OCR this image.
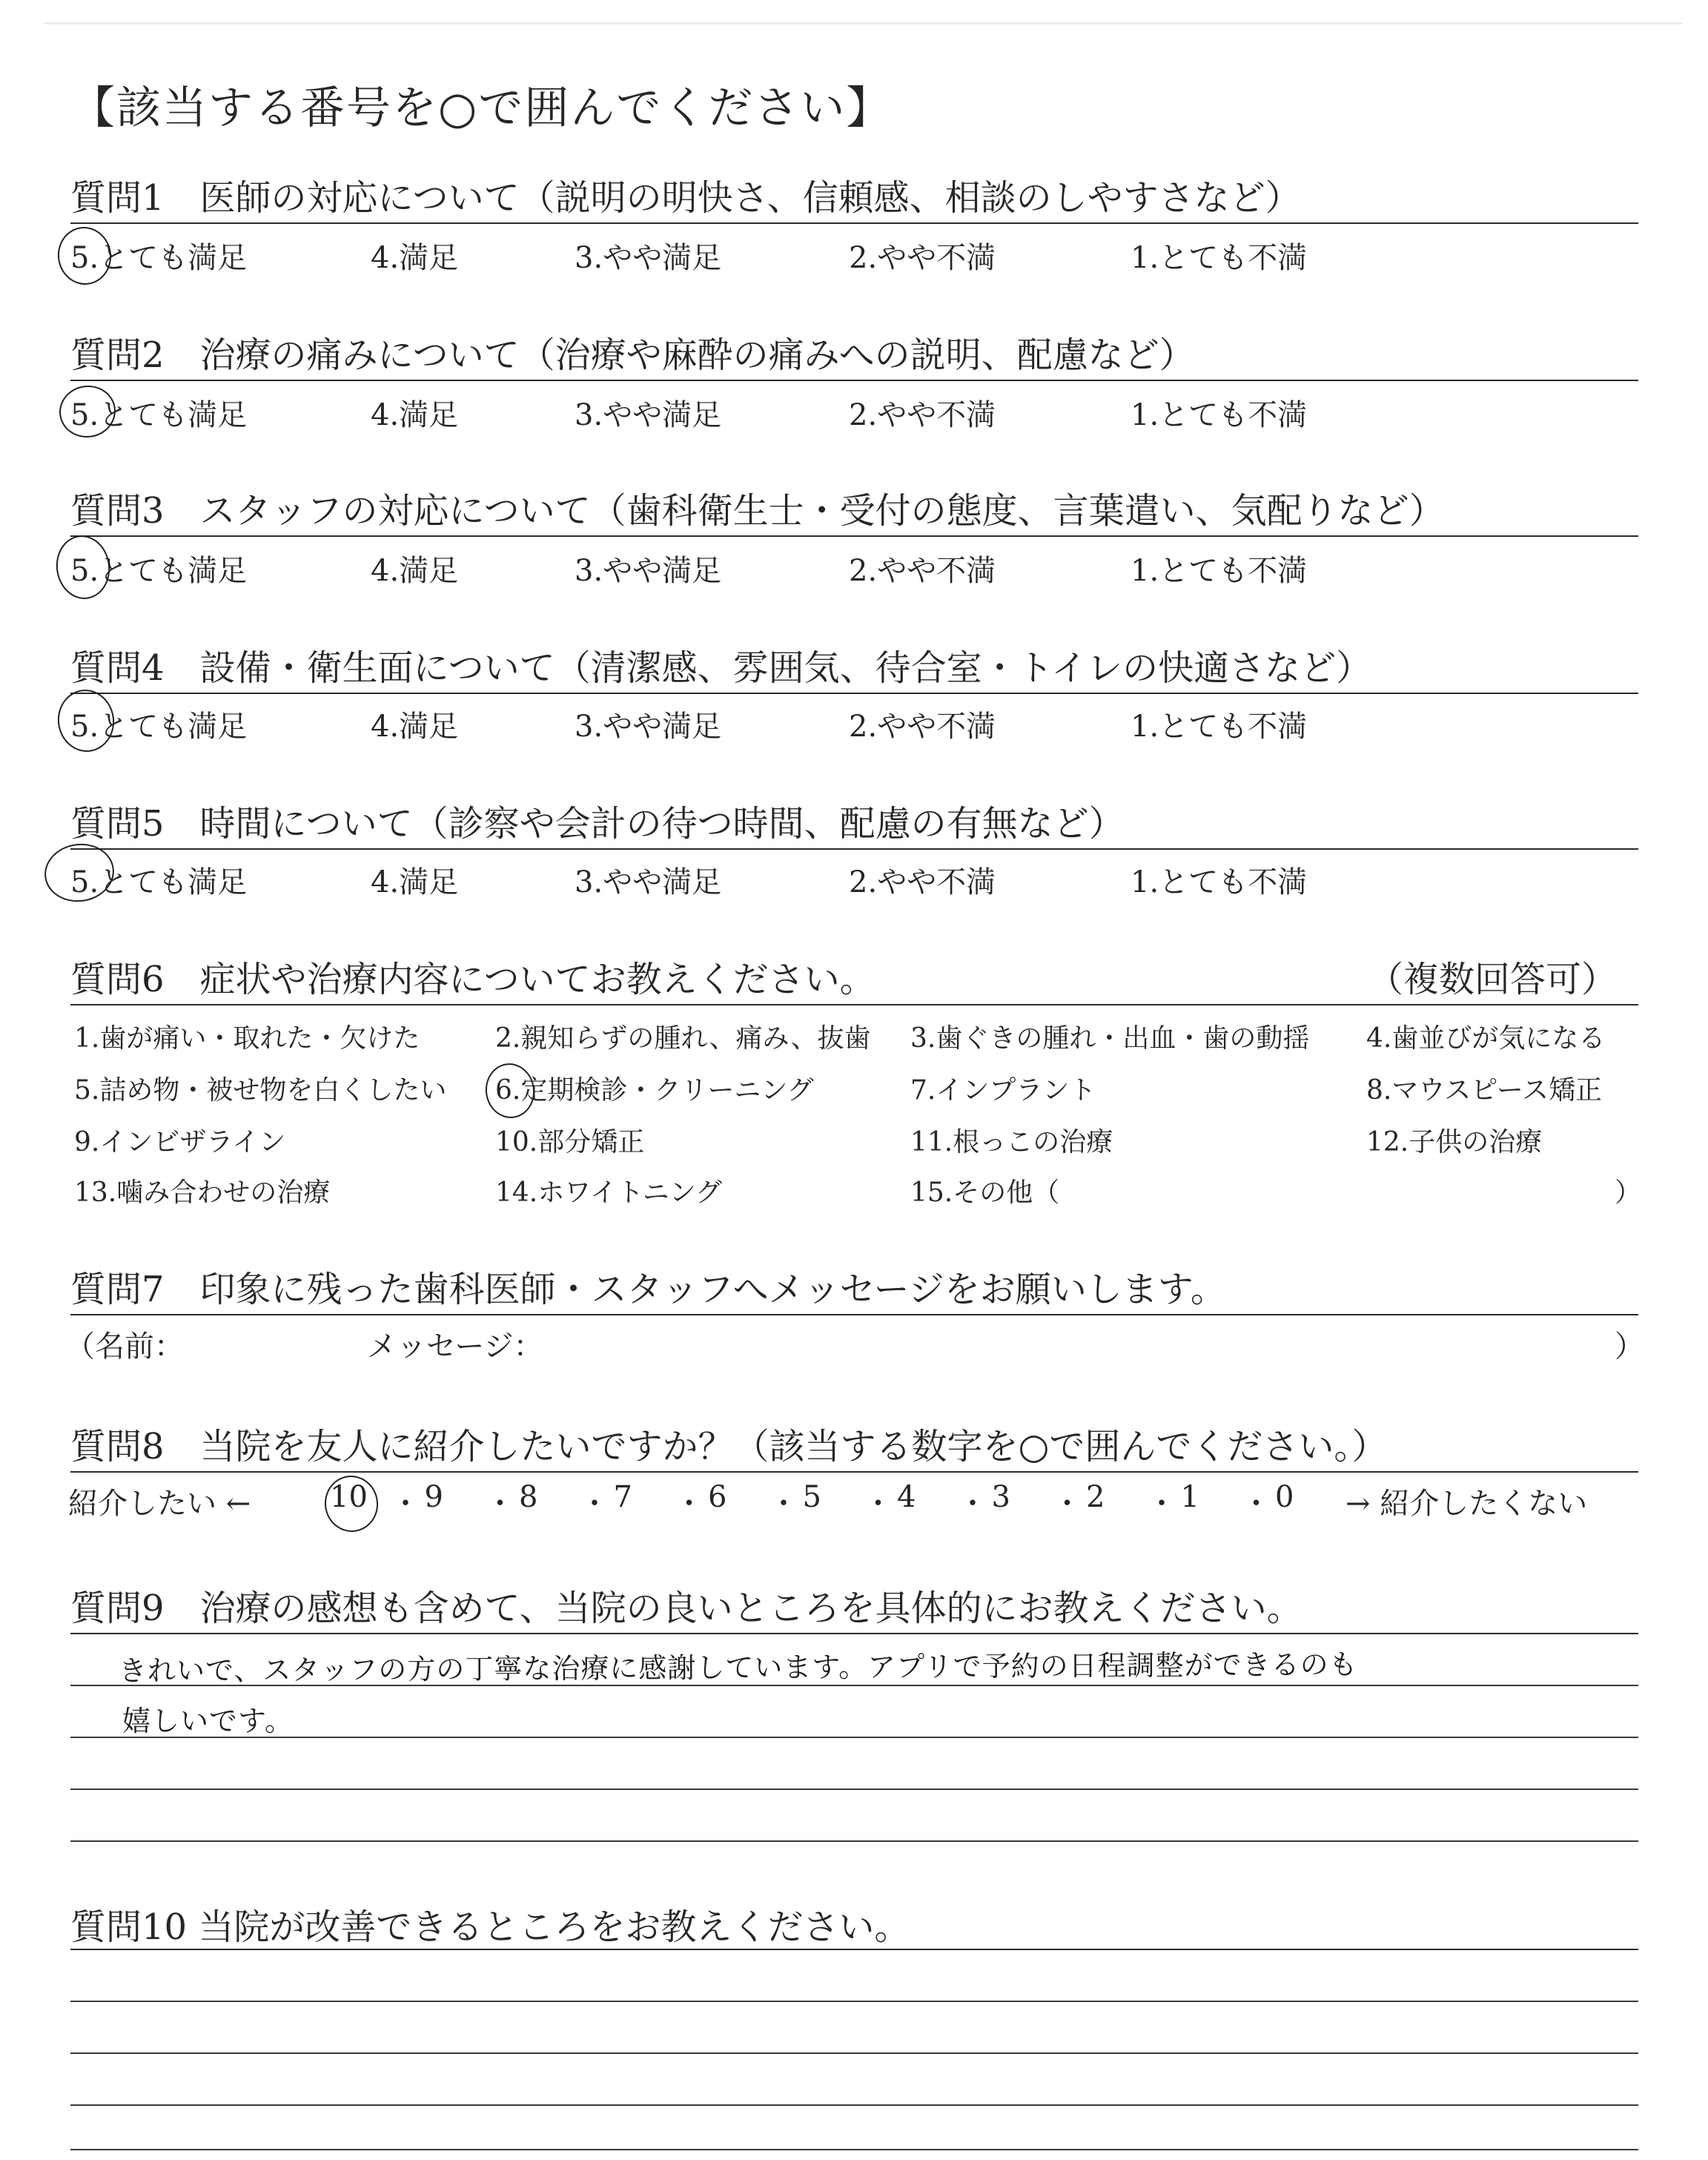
【該当する番号を○で囲んでください】
質問1　医師の対応について（説明の明快さ、信頼感、相談のしやすさなど）
5.とても満足	4.満足	3.やや満足	2.やや不満	1.とても不満
質問2　治療の痛みについて（治療や麻酔の痛みへの説明、配慮など）
5.とても満足	4.満足	3.やや満足	2.やや不満	1.とても不満
質問3　スタッフの対応について（歯科衛生士・受付の態度、言葉遣い、気配りなど）
5.とても満足	4.満足	3.やや満足	2.やや不満	1.とても不満
質問4　設備・衛生面について（清潔感、雰囲気、待合室・トイレの快適さなど）
5.とても満足	4.満足	3.やや満足	2.やや不満	1.とても不満
質問5　時間について（診察や会計の待つ時間、配慮の有無など）
5.とても満足	4.満足	3.やや満足	2.やや不満	1.とても不満
質問6　症状や治療内容についてお教えください。	（複数回答可）
1.歯が痛い・取れた・欠けた	2.親知らずの腫れ、痛み、抜歯 3.歯ぐきの腫れ・出血・歯の動揺 4.歯並びが気になる
5.詰め物・被せ物を白くしたい 6.定期検診・クリーニング	7.インプラント	8.マウスピース矯正
9.インビザライン	10.部分矯正	11.根っこの治療	12.子供の治療
13.噛み合わせの治療	14.ホワイトニング	15.その他（	）
質問7　印象に残った歯科医師・スタッフへメッセージをお願いします。
（名前：	メッセージ：	）
質問8　当院を友人に紹介したいですか？（該当する数字を○で囲んでください。）
紹介したい ←	10 ・ 9 ・ 8 ・ 7 ・ 6 ・ 5 ・ 4 ・ 3 ・ 2 ・ 1 ・ 0 → 紹介したくない
質問9　治療の感想も含めて、当院の良いところを具体的にお教えください。
きれいで、スタッフの方の丁寧な治療に感謝しています。アプリで予約の日程調整ができるのも
嬉しいです。
質問10 当院が改善できるところをお教えください。
